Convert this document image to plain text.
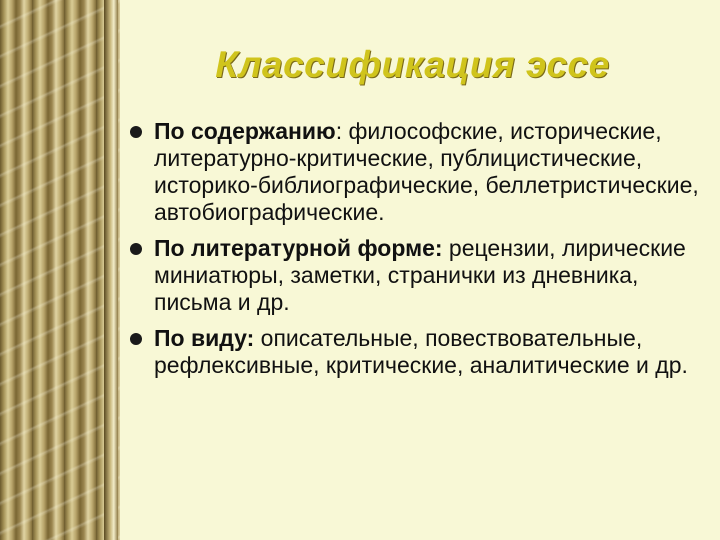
Классификация эссе
По содержанию: философские, исторические, литературно-критические, публицистические, историко-библиографические, беллетристические, автобиографические.
По литературной форме: рецензии, лирические миниатюры, заметки, странички из дневника, письма и др.
По виду: описательные, повествовательные, рефлексивные, критические, аналитические и др.
